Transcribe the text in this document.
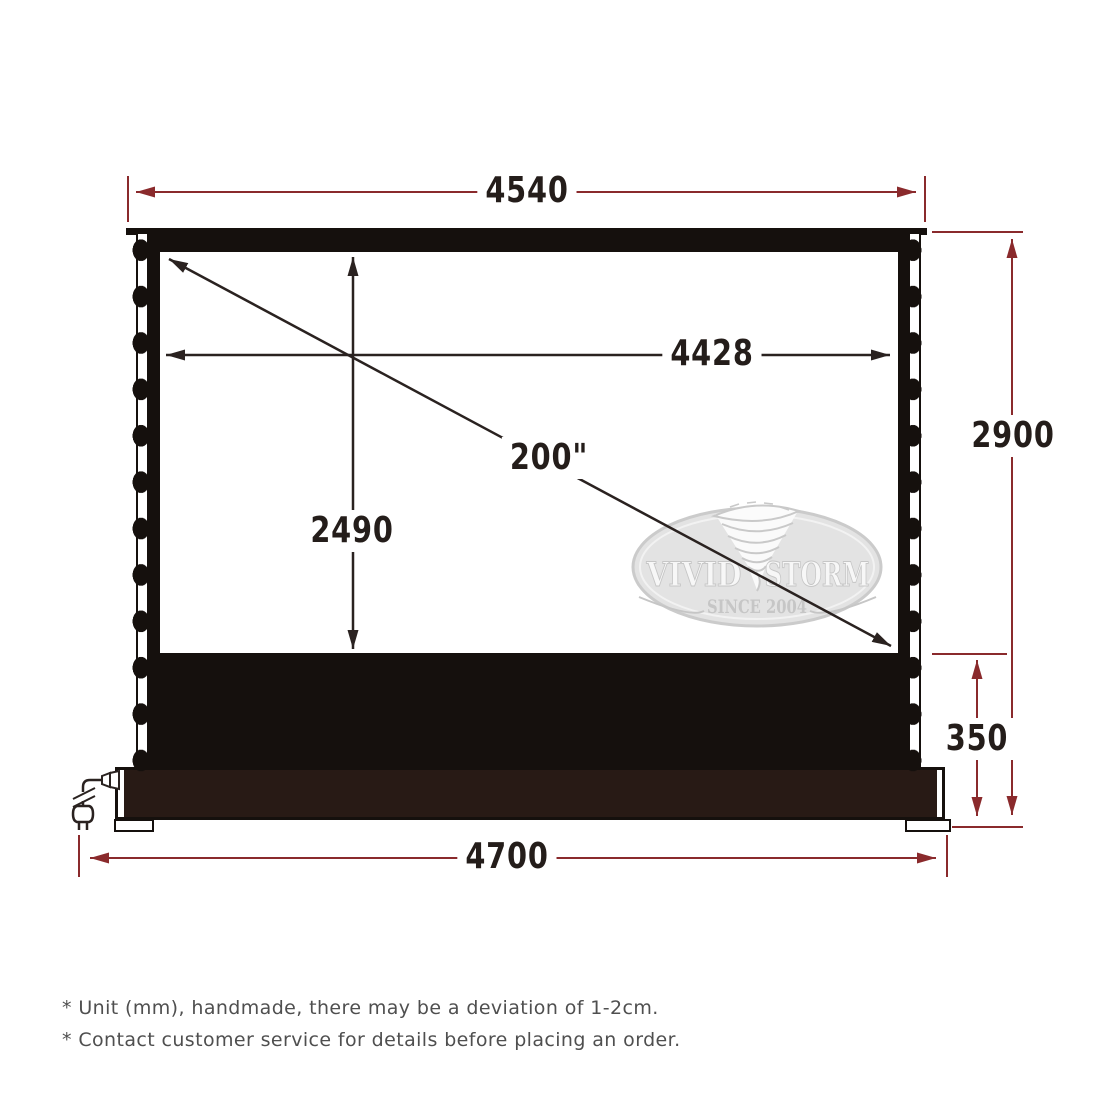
VIVID STORM
SINCE 2004
4540
4428
200"
2490
2900
350
4700
* Unit (mm), handmade, there may be a deviation of 1-2cm.
* Contact customer service for details before placing an order.
